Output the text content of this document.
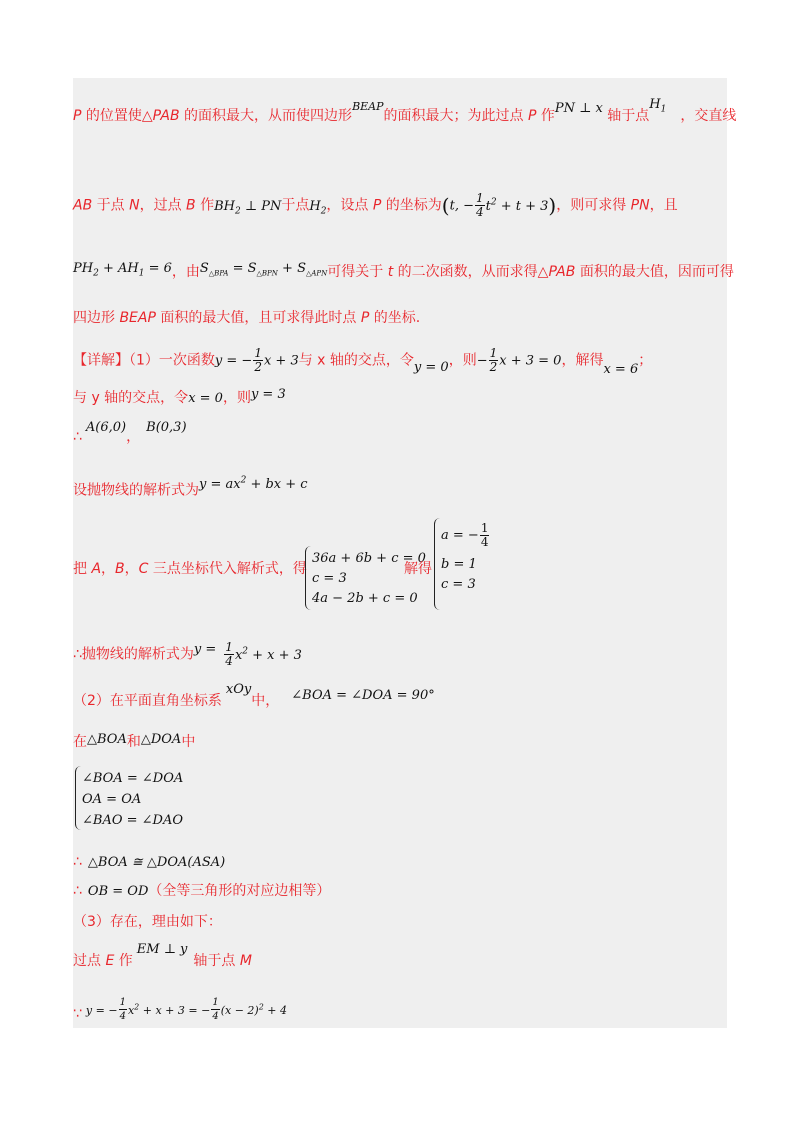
P 的位置使△PAB 的面积最大，从而使四边形$^{BEAP}$的面积最大；为此过点 P 作PN ⊥ x 轴于点$H_1$ ，交直线
AB 于点 N，过点 B 作$BH_2$ ⊥ PN于点$H_2$，设点 P 的坐标为(t, − $\frac{1}{4} t^2 + t + 3$)，则可求得 PN，且
$PH_2 + AH_1 = 6$，由$S_{\triangle BPA} = S_{\triangle BPN} + S_{\triangle APN}$可得关于 t 的二次函数，从而求得△PAB 面积的最大值，因而可得
四边形 BEAP 面积的最大值，且可求得此时点 P 的坐标.
【详解】（1）一次函数y = − $\frac{1}{2}$ x + 3与 x 轴的交点，令y = 0，则− $\frac{1}{2}$ x + 3 = 0，解得x = 6；
与 y 轴的交点，令x = 0，则y = 3
∴A(6,0)，B(0,3)
设抛物线的解析式为$y = ax^2$ + bx + c
把 A，B，C 三点坐标代入解析式，得
36a + 6b + c = 0
c = 3
4a − 2b + c = 0
解得
a = − $\frac{1}{4}$
b = 1
c = 3
∴抛物线的解析式为$y = \frac{1}{4} x^2 + x + 3$
（2）在平面直角坐标系xOy中， ∠BOA = ∠DOA = 90°
在△BOA和△DOA中
∠BOA = ∠DOA
OA = OA
∠BAO = ∠DAO
∴ △BOA ≅ △DOA(ASA)
∴ OB = OD（全等三角形的对应边相等）
（3）存在，理由如下：
过点 E 作EM ⊥ y轴于点 M
∵ y = − $\frac{1}{4} x^2 + x + 3$ = − $\frac{1}{4} (x - 2)^2 + 4$
